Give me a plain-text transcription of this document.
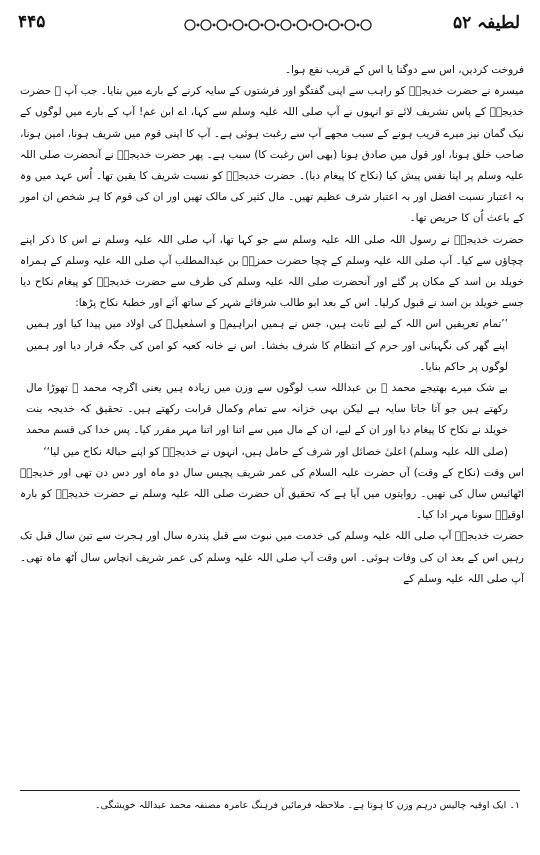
۴۴۵	لطیفہ ۵۲

فروخت کردیں، اس سے دوگنا یا اس کے قریب نفع ہوا۔

میسرہ نے حضرت خدیجہؓ کو راہب سے اپنی گفتگو اور فرشتوں کے سایہ کرنے کے بارے میں بتایا۔ جب آپ ﷺ حضرت خدیجہؓ کے پاس تشریف لائے تو انہوں نے آپ صلی اللہ علیہ وسلم سے کہا، اے ابن عم! آپ کے بارے میں لوگوں کے نیک گمان نیز میرے قریب ہونے کے سبب مجھے آپ سے رغبت ہوئی ہے۔ آپ کا اپنی قوم میں شریف ہونا، امین ہونا، صاحب خلق ہونا، اور قول میں صادق ہونا (بھی اس رغبت کا) سبب ہے۔ پھر حضرت خدیجہؓ نے آنحضرت صلی اللہ علیہ وسلم پر اپنا نفس پیش کیا (نکاح کا پیغام دیا)۔ حضرت خدیجہؓ کو نسبت شریف کا یقین تھا۔ اُس عہد میں وہ بہ اعتبار نسبت افضل اور بہ اعتبار شرف عظیم تھیں۔ مال کثیر کی مالک تھیں اور ان کی قوم کا ہر شخص ان امور کے باعث اُن کا حریص تھا۔

حضرت خدیجہؓ نے رسول اللہ صلی اللہ علیہ وسلم سے جو کہا تھا، آپ صلی اللہ علیہ وسلم نے اس کا ذکر اپنے چچاؤں سے کیا۔ آپ صلی اللہ علیہ وسلم کے چچا حضرت حمزہؓ بن عبدالمطلب آپ صلی اللہ علیہ وسلم کے ہمراہ خویلد بن اسد کے مکان پر گئے اور آنحضرت صلی اللہ علیہ وسلم کی طرف سے حضرت خدیجہؓ کو پیغام نکاح دیا جسے خویلد بن اسد نے قبول کرلیا۔ اس کے بعد ابو طالب شرفائے شہر کے ساتھ آئے اور خطبۂ نکاح پڑھا:

’’تمام تعریفیں اس اللہ کے لیے ثابت ہیں، جس نے ہمیں ابراہیمؑ و اسمٰعیلؑ کی اولاد میں پیدا کیا اور ہمیں اپنے گھر کی نگہبانی اور حرم کے انتظام کا شرف بخشا۔ اس نے خانہ کعبہ کو امن کی جگہ قرار دیا اور ہمیں لوگوں پر حاکم بنایا۔

بے شک میرے بھتیجے محمد ﷺ بن عبداللہ سب لوگوں سے وزن میں زیادہ ہیں یعنی اگرچہ محمد ﷺ تھوڑا مال رکھتے ہیں جو آتا جاتا سایہ ہے لیکن بہی خزانہ سے تمام وکمال قرابت رکھتے ہیں۔ تحقیق کہ خدیجہ بنت خویلد نے نکاح کا پیغام دیا اور ان کے لیے، ان کے مال میں سے اتنا اور اتنا مہر مقرر کیا۔ پس خدا کی قسم محمد (صلی اللہ علیہ وسلم) اعلیٰ خصائل اور شرف کے حامل ہیں، انہوں نے خدیجہؓ کو اپنے حبالۂ نکاح میں لیا‘‘

اس وقت (نکاح کے وقت) آں حضرت علیہ السلام کی عمر شریف پچیس سال دو ماہ اور دس دن تھی اور خدیجہؓ اٹھائیس سال کی تھیں۔ روایتوں میں آیا ہے کہ تحقیق آں حضرت صلی اللہ علیہ وسلم نے حضرت خدیجہؓ کو بارہ اوقیہؔ سونا مہر ادا کیا۔

حضرت خدیجہؓ آپ صلی اللہ علیہ وسلم کی خدمت میں نبوت سے قبل پندرہ سال اور ہجرت سے تین سال قبل تک رہیں اس کے بعد ان کی وفات ہوئی۔ اس وقت آپ صلی اللہ علیہ وسلم کی عمر شریف انچاس سال آٹھ ماہ تھی۔ آپ صلی اللہ علیہ وسلم کے

۱۔ ایک اوقیہ چالیس درہم وزن کا ہوتا ہے۔ ملاحظہ فرمائیں فرہنگ عامرہ مصنفہ محمد عبداللہ خویشگی۔
